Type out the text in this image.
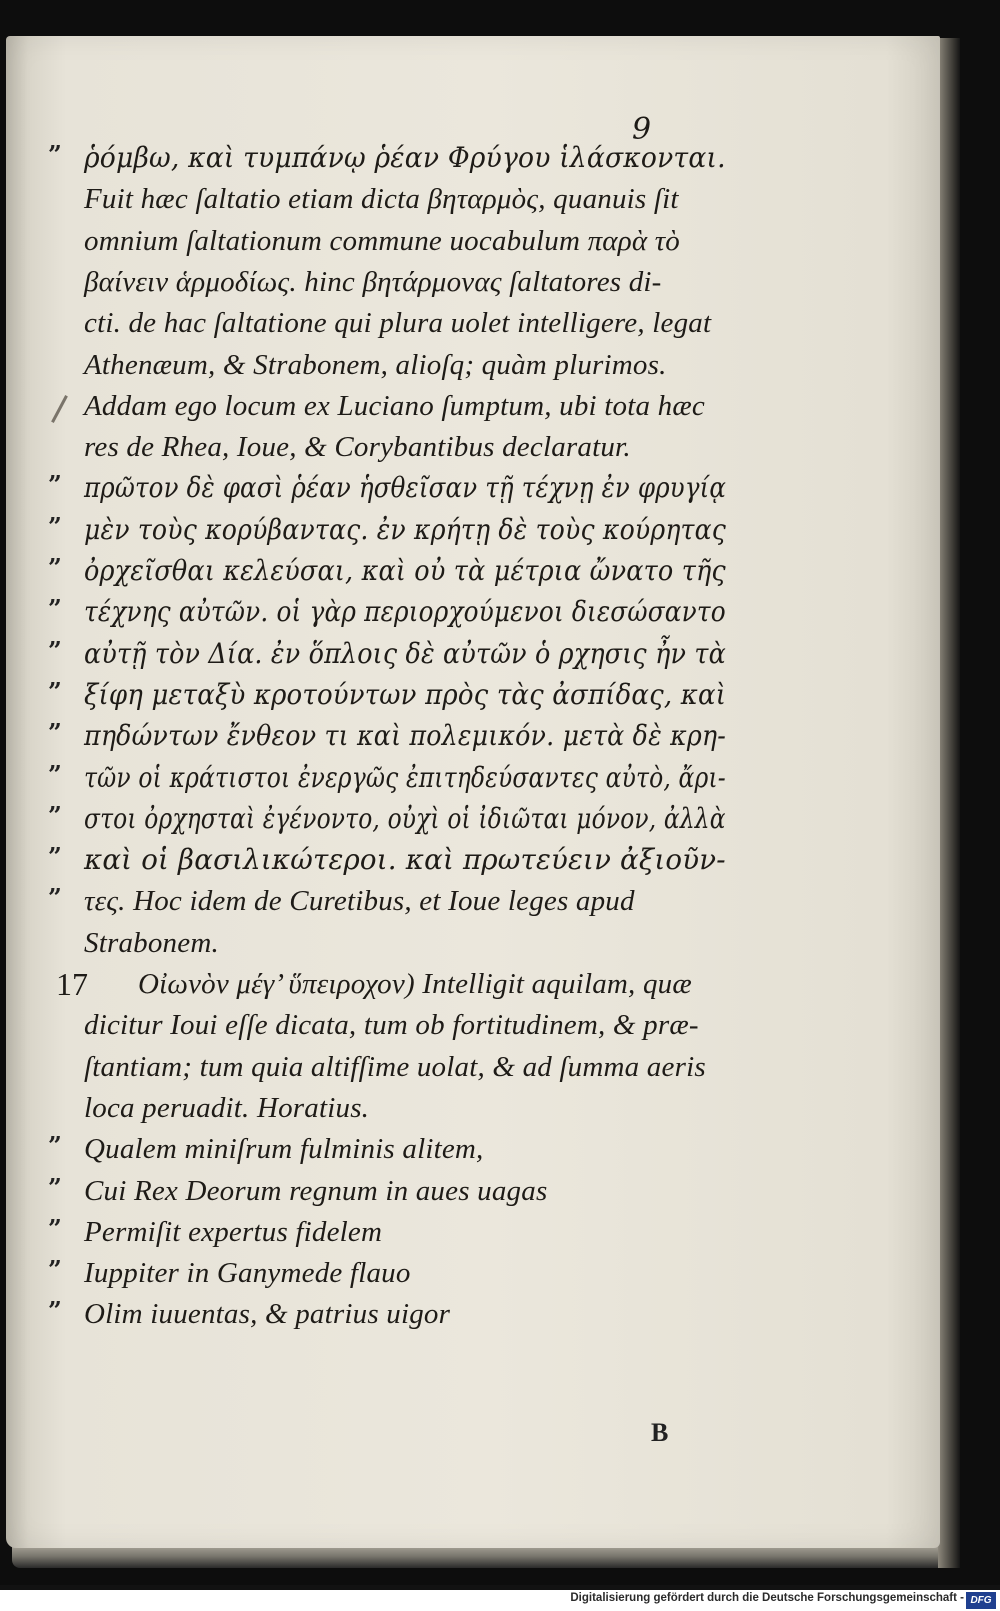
9
” ῥόμβω, καὶ τυμπάνῳ ῥέαν Φρύγου ἱλάσκονται.
Fuit hæc ſaltatio etiam dicta βηταρμὸς, quanuis ſit
omnium ſaltationum commune uocabulum παρὰ τὸ
βαίνειν ἁρμοδίως. hinc βητάρμονας ſaltatores di-
cti. de hac ſaltatione qui plura uolet intelligere, legat
Athenæum, & Strabonem, alioſq; quàm plurimos.
Addam ego locum ex Luciano ſumptum, ubi tota hæc
res de Rhea, Ioue, & Corybantibus declaratur.
” πρῶτον δὲ φασὶ ῥέαν ἡσθεῖσαν τῇ τέχνῃ ἐν φρυγίᾳ
” μὲν τοὺς κορύβαντας. ἐν κρήτῃ δὲ τοὺς κούρητας
” ὀρχεῖσθαι κελεύσαι, καὶ οὐ τὰ μέτρια ὤνατο τῆς
” τέχνης αὐτῶν. οἱ γὰρ περιορχούμενοι διεσώσαντο
” αὐτῇ τὸν Δία. ἐν ὅπλοις δὲ αὐτῶν ὁ ρχησις ἦν τὰ
” ξίφη μεταξὺ κροτούντων πρὸς τὰς ἀσπίδας, καὶ
” πηδώντων ἔνθεον τι καὶ πολεμικόν. μετὰ δὲ κρη-
” τῶν οἱ κράτιστοι ἐνεργῶς ἐπιτηδεύσαντες αὐτὸ, ἄρι-
” στοι ὀρχησταὶ ἐγένοντο, οὐχὶ οἱ ἰδιῶται μόνον, ἀλλὰ
” καὶ οἱ βασιλικώτεροι. καὶ πρωτεύειν ἀξιοῦν-
” τες. Hoc idem de Curetibus, et Ioue leges apud
Strabonem.
17 Οἰωνὸν μέγ’ ὕπειροχον) Intelligit aquilam, quæ
dicitur Ioui eſſe dicata, tum ob fortitudinem, & præ-
ſtantiam; tum quia altifſime uolat, & ad ſumma aeris
loca peruadit. Horatius.
” Qualem miniſrum fulminis alitem,
” Cui Rex Deorum regnum in aues uagas
” Permiſit expertus fidelem
” Iuppiter in Ganymede flauo
” Olim iuuentas, & patrius uigor
B
Digitalisierung gefördert durch die Deutsche Forschungsgemeinschaft - DFG
